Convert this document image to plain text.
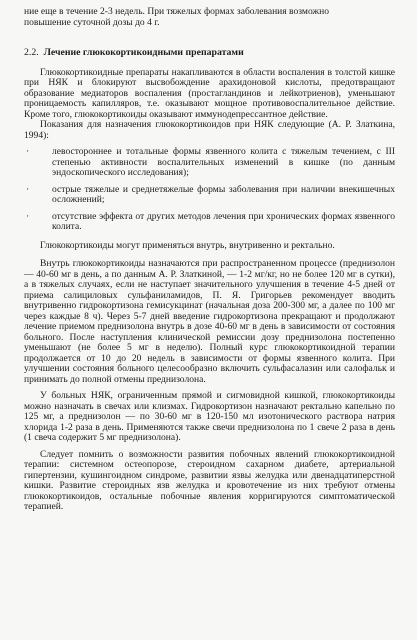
ние еще в течение 2-3 недель. При тяжелых формах заболевания возможно

повышение суточной дозы до 4 г.

2.2. Лечение глюкокортикоидными препаратами

Глюкокортикоидные препараты накапливаются в области воспаления в толстой кишке при НЯК и блокируют высвобождение арахидоновой кислоты, предотвращают образование медиаторов воспаления (простагландинов и лейкотриенов), уменьшают проницаемость капилляров, т.е. оказывают мощное противовоспалительное действие. Кроме того, глюкокортикоиды оказывают иммунодепрессантное действие.

Показания для назначения глюкокортикоидов при НЯК следующие (А. Р. Златкина, 1994):

·	левостороннее и тотальные формы язвенного колита с тяжелым течением, с III степенью активности воспалительных изменений в кишке (по данным эндоскопического исследования);
·	острые тяжелые и среднетяжелые формы заболевания при наличии внекишечных осложнений;
·	отсутствие эффекта от других методов лечения при хронических формах язвенного колита.

Глюкокортикоиды могут применяться внутрь, внутривенно и ректально.

Внутрь глюкокортикоиды назначаются при распространенном процессе (преднизолон — 40-60 мг в день, а по данным А. Р. Златкиной, — 1-2 мг/кг, но не более 120 мг в сутки), а в тяжелых случаях, если не наступает значительного улучшения в течение 4-5 дней от приема салициловых сульфаниламидов, П. Я. Григорьев рекомендует вводить внутривенно гидрокортизона гемисукцинат (начальная доза 200-300 мг, а далее по 100 мг через каждые 8 ч). Через 5-7 дней введение гидрокортизона прекращают и продолжают лечение приемом преднизолона внутрь в дозе 40-60 мг в день в зависимости от состояния больного. После наступления клинической ремиссии дозу преднизолона постепенно уменьшают (не более 5 мг в неделю). Полный курс глюкокортикоидной терапии продолжается от 10 до 20 недель в зависимости от формы язвенного колита. При улучшении состояния больного целесообразно включить сульфасалазин или салофальк и принимать до полной отмены преднизолона.

У больных НЯК, ограниченным прямой и сигмовидной кишкой, глюкокортикоиды можно назначать в свечах или клизмах. Гидрокортизон назначают ректально капельно по 125 мг, а преднизолон — по 30-60 мг в 120-150 мл изотонического раствора натрия хлорида 1-2 раза в день. Применяются также свечи преднизолона по 1 свече 2 раза в день (1 свеча содержит 5 мг преднизолона).

Следует помнить о возможности развития побочных явлений глюкокортикоидной терапии: системном остеопорозе, стероидном сахарном диабете, артериальной гипертензии, кушингоидном синдроме, развитии язвы желудка или двенадцатиперстной кишки. Развитие стероидных язв желудка и кровотечение из них требуют отмены глюкокортикоидов, остальные побочные явления корригируются симптоматической терапией.
